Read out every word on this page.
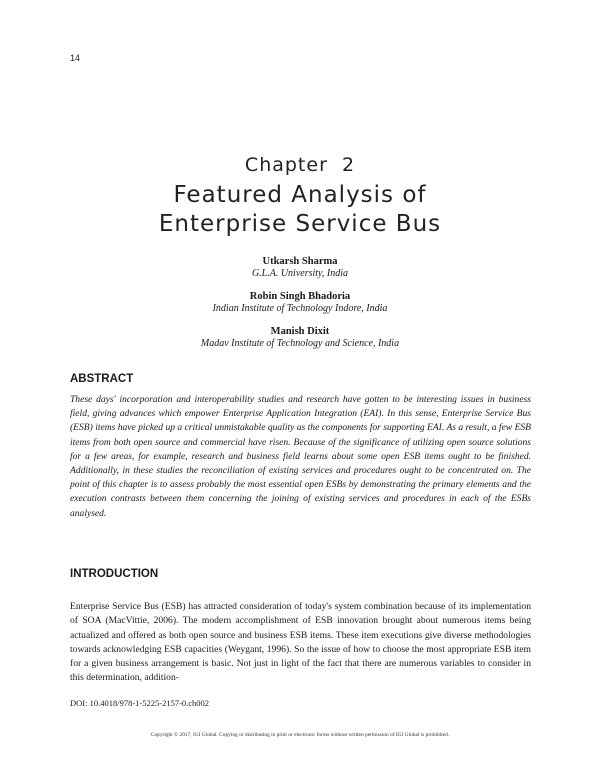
14
Chapter  2
Featured Analysis of
Enterprise Service Bus
Utkarsh Sharma
G.L.A. University, India
Robin Singh Bhadoria
Indian Institute of Technology Indore, India
Manish Dixit
Madav Institute of Technology and Science, India
ABSTRACT
These days' incorporation and interoperability studies and research have gotten to be interesting issues in business field, giving advances which empower Enterprise Application Integration (EAI). In this sense, Enterprise Service Bus (ESB) items have picked up a critical unmistakable quality as the components for supporting EAI. As a result, a few ESB items from both open source and commercial have risen. Because of the significance of utilizing open source solutions for a few areas, for example, research and business field learns about some open ESB items ought to be finished. Additionally, in these studies the reconciliation of existing services and procedures ought to be concentrated on. The point of this chapter is to assess probably the most essential open ESBs by demonstrating the primary elements and the execution contrasts between them concerning the joining of existing services and procedures in each of the ESBs analysed.
INTRODUCTION
Enterprise Service Bus (ESB) has attracted consideration of today's system combination because of its implementation of SOA (MacVittie, 2006). The modern accomplishment of ESB innovation brought about numerous items being actualized and offered as both open source and business ESB items. These item executions give diverse methodologies towards acknowledging ESB capacities (Weygant, 1996). So the issue of how to choose the most appropriate ESB item for a given business arrangement is basic. Not just in light of the fact that there are numerous variables to consider in this determination, addition-
DOI: 10.4018/978-1-5225-2157-0.ch002
Copyright © 2017, IGI Global. Copying or distributing in print or electronic forms without written permission of IGI Global is prohibited.
